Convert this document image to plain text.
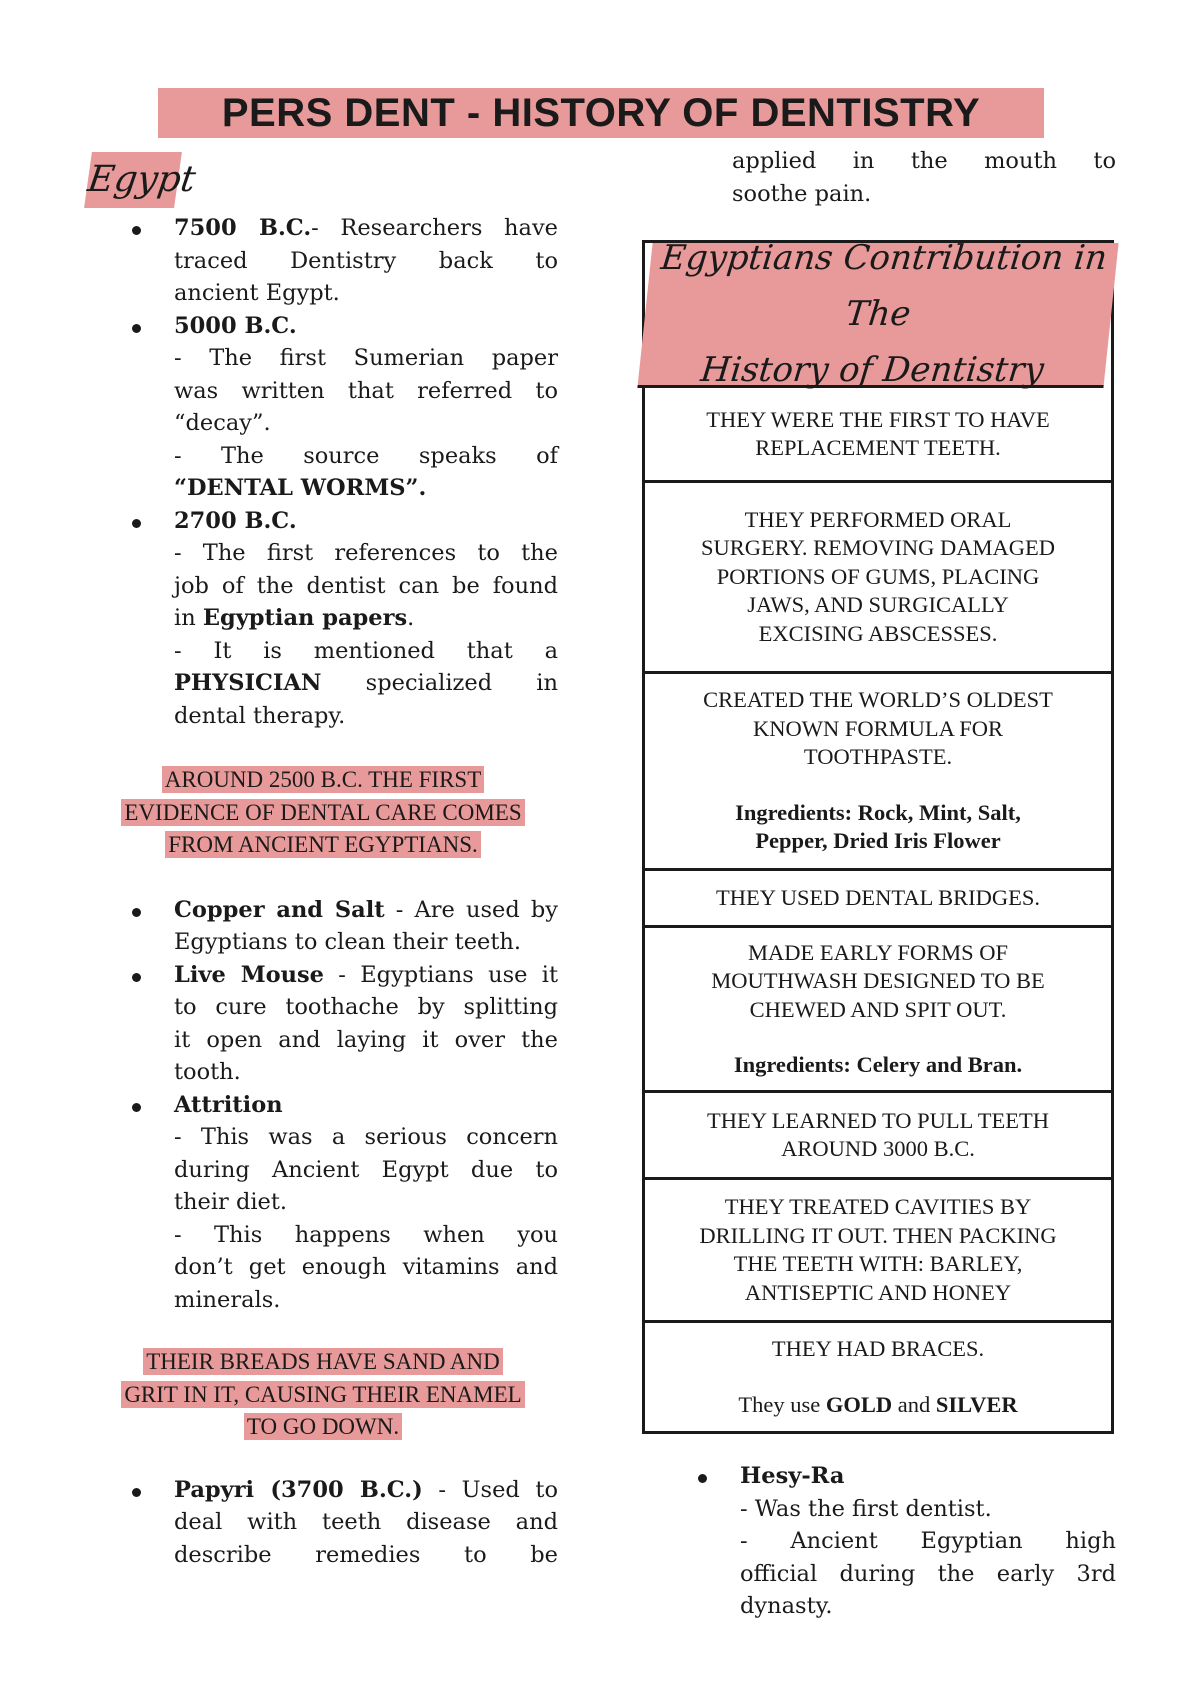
PERS DENT - HISTORY OF DENTISTRY
Egypt
7500 B.C.- Researchers have
traced Dentistry back to
ancient Egypt.
5000 B.C.
- The first Sumerian paper
was written that referred to
“decay”.
- The source speaks of
“DENTAL WORMS”.
2700 B.C.
- The first references to the
job of the dentist can be found
in Egyptian papers.
- It is mentioned that a
PHYSICIAN specialized in
dental therapy.
AROUND 2500 B.C. THE FIRST
EVIDENCE OF DENTAL CARE COMES
FROM ANCIENT EGYPTIANS.
Copper and Salt - Are used by
Egyptians to clean their teeth.
Live Mouse - Egyptians use it
to cure toothache by splitting
it open and laying it over the
tooth.
Attrition
- This was a serious concern
during Ancient Egypt due to
their diet.
- This happens when you
don’t get enough vitamins and
minerals.
THEIR BREADS HAVE SAND AND
GRIT IN IT, CAUSING THEIR ENAMEL
TO GO DOWN.
Papyri (3700 B.C.) - Used to
deal with teeth disease and
describe remedies to be
applied in the mouth to
soothe pain.
Egyptians Contribution in The
History of Dentistry
THEY WERE THE FIRST TO HAVE
REPLACEMENT TEETH.
THEY PERFORMED ORAL
SURGERY. REMOVING DAMAGED
PORTIONS OF GUMS, PLACING
JAWS, AND SURGICALLY
EXCISING ABSCESSES.
CREATED THE WORLD’S OLDEST
KNOWN FORMULA FOR
TOOTHPASTE.
Ingredients: Rock, Mint, Salt,
Pepper, Dried Iris Flower
THEY USED DENTAL BRIDGES.
MADE EARLY FORMS OF
MOUTHWASH DESIGNED TO BE
CHEWED AND SPIT OUT.
Ingredients: Celery and Bran.
THEY LEARNED TO PULL TEETH
AROUND 3000 B.C.
THEY TREATED CAVITIES BY
DRILLING IT OUT. THEN PACKING
THE TEETH WITH: BARLEY,
ANTISEPTIC AND HONEY
THEY HAD BRACES.
They use GOLD and SILVER
Hesy-Ra
- Was the first dentist.
- Ancient Egyptian high
official during the early 3rd
dynasty.
